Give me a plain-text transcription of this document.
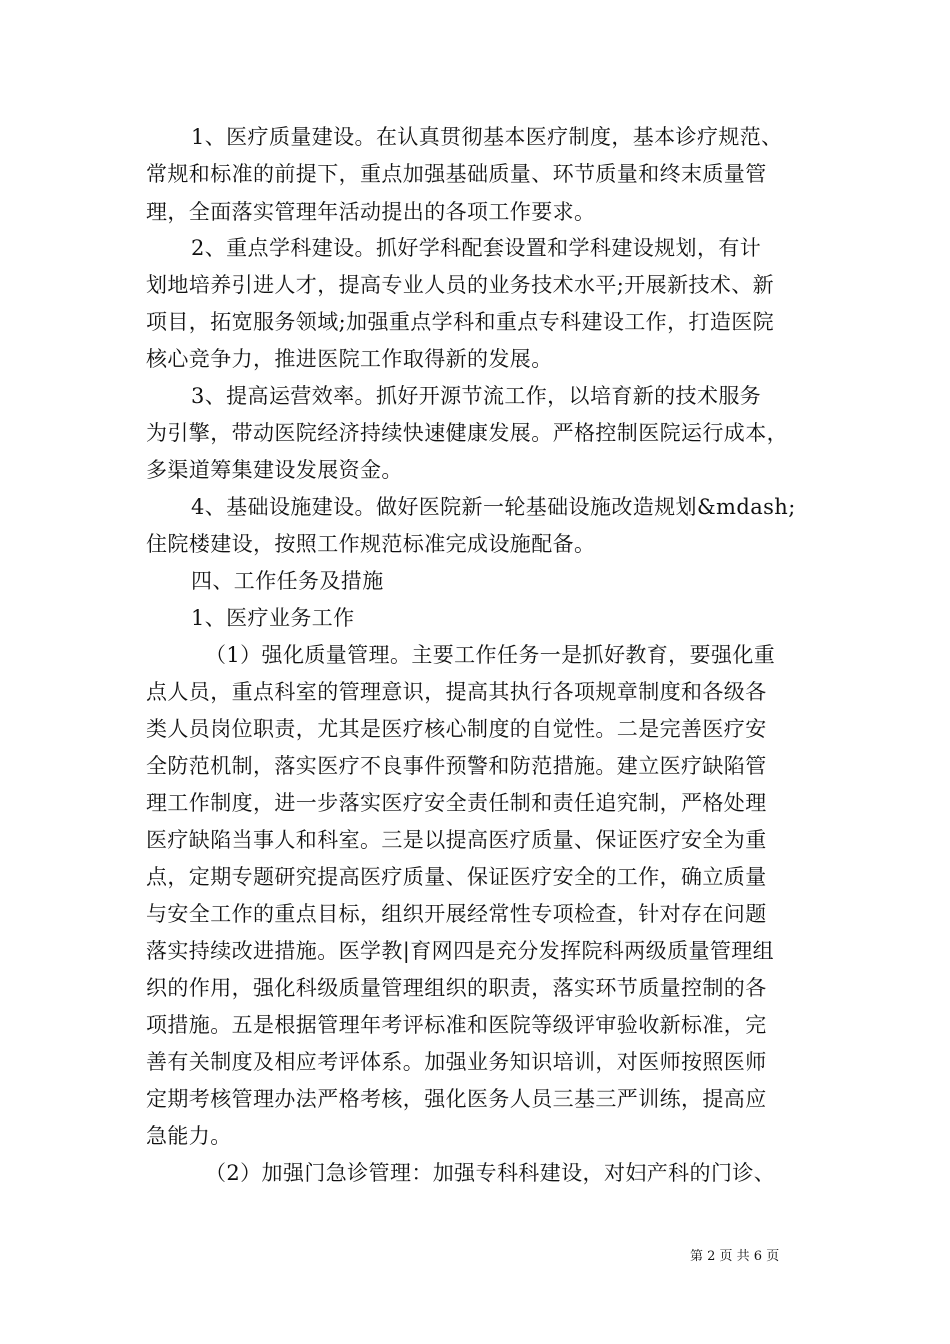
1、医疗质量建设。在认真贯彻基本医疗制度，基本诊疗规范、
常规和标准的前提下，重点加强基础质量、环节质量和终末质量管
理，全面落实管理年活动提出的各项工作要求。
2、重点学科建设。抓好学科配套设置和学科建设规划，有计
划地培养引进人才，提高专业人员的业务技术水平;开展新技术、新
项目，拓宽服务领域;加强重点学科和重点专科建设工作，打造医院
核心竞争力，推进医院工作取得新的发展。
3、提高运营效率。抓好开源节流工作，以培育新的技术服务
为引擎，带动医院经济持续快速健康发展。严格控制医院运行成本，
多渠道筹集建设发展资金。
4、基础设施建设。做好医院新一轮基础设施改造规划&mdash;
住院楼建设，按照工作规范标准完成设施配备。
四、工作任务及措施
1、医疗业务工作
（1）强化质量管理。主要工作任务一是抓好教育，要强化重
点人员，重点科室的管理意识，提高其执行各项规章制度和各级各
类人员岗位职责，尤其是医疗核心制度的自觉性。二是完善医疗安
全防范机制，落实医疗不良事件预警和防范措施。建立医疗缺陷管
理工作制度，进一步落实医疗安全责任制和责任追究制，严格处理
医疗缺陷当事人和科室。三是以提高医疗质量、保证医疗安全为重
点，定期专题研究提高医疗质量、保证医疗安全的工作，确立质量
与安全工作的重点目标，组织开展经常性专项检查，针对存在问题
落实持续改进措施。医学教|育网四是充分发挥院科两级质量管理组
织的作用，强化科级质量管理组织的职责，落实环节质量控制的各
项措施。五是根据管理年考评标准和医院等级评审验收新标准，完
善有关制度及相应考评体系。加强业务知识培训，对医师按照医师
定期考核管理办法严格考核，强化医务人员三基三严训练，提高应
急能力。
（2）加强门急诊管理：加强专科科建设，对妇产科的门诊、
第 2 页 共 6 页
